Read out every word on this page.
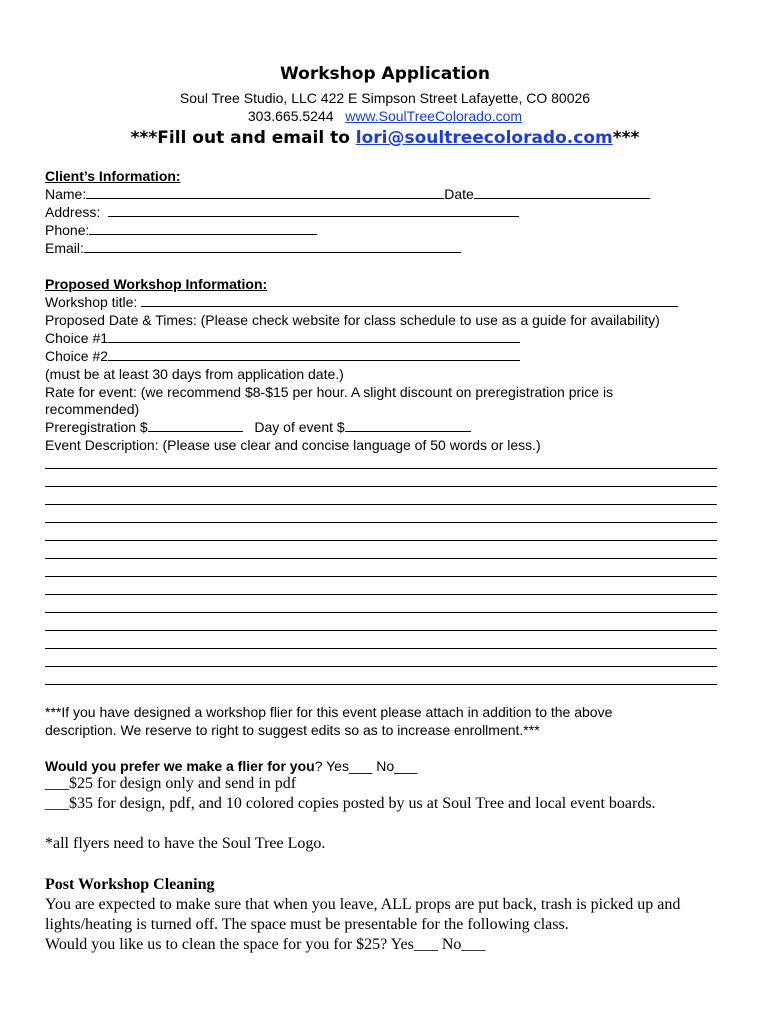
Workshop Application
Soul Tree Studio, LLC 422 E Simpson Street Lafayette, CO 80026
303.665.5244 www.SoulTreeColorado.com
***Fill out and email to lori@soultreecolorado.com***
Client’s Information:
Name:	Date
Address:
Phone:
Email:
Proposed Workshop Information:
Workshop title:
Proposed Date & Times: (Please check website for class schedule to use as a guide for availability)
Choice #1
Choice #2
(must be at least 30 days from application date.)
Rate for event: (we recommend $8-$15 per hour. A slight discount on preregistration price is
recommended)
Preregistration $	Day of event $
Event Description: (Please use clear and concise language of 50 words or less.)
***If you have designed a workshop flier for this event please attach in addition to the above
description. We reserve to right to suggest edits so as to increase enrollment.***
Would you prefer we make a flier for you? Yes___ No___
___$25 for design only and send in pdf
___$35 for design, pdf, and 10 colored copies posted by us at Soul Tree and local event boards.
*all flyers need to have the Soul Tree Logo.
Post Workshop Cleaning
You are expected to make sure that when you leave, ALL props are put back, trash is picked up and
lights/heating is turned off. The space must be presentable for the following class.
Would you like us to clean the space for you for $25? Yes___ No___
